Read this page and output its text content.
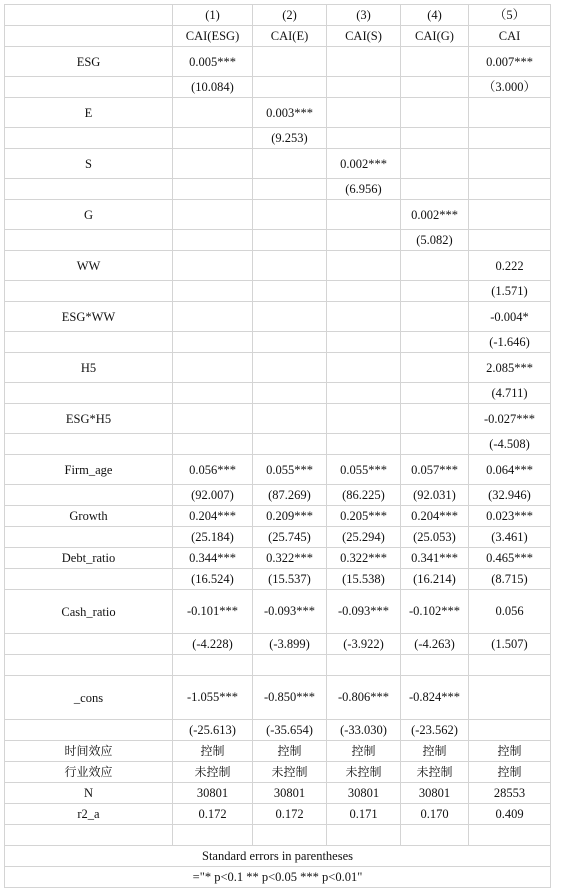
	(1)	(2)	(3)	(4)	（5）
	CAI(ESG)	CAI(E)	CAI(S)	CAI(G)	CAI
ESG	0.005***				0.007***
	(10.084)				（3.000）
E		0.003***			
		(9.253)			
S			0.002***		
			(6.956)		
G				0.002***	
				(5.082)	
WW					0.222
					(1.571)
ESG*WW					-0.004*
					(-1.646)
H5					2.085***
					(4.711)
ESG*H5					-0.027***
					(-4.508)
Firm_age	0.056***	0.055***	0.055***	0.057***	0.064***
	(92.007)	(87.269)	(86.225)	(92.031)	(32.946)
Growth	0.204***	0.209***	0.205***	0.204***	0.023***
	(25.184)	(25.745)	(25.294)	(25.053)	(3.461)
Debt_ratio	0.344***	0.322***	0.322***	0.341***	0.465***
	(16.524)	(15.537)	(15.538)	(16.214)	(8.715)
Cash_ratio	-0.101***	-0.093***	-0.093***	-0.102***	0.056
	(-4.228)	(-3.899)	(-3.922)	(-4.263)	(1.507)

_cons	-1.055***	-0.850***	-0.806***	-0.824***	
	(-25.613)	(-35.654)	(-33.030)	(-23.562)	
时间效应	控制	控制	控制	控制	控制
行业效应	未控制	未控制	未控制	未控制	控制
N	30801	30801	30801	30801	28553
r2_a	0.172	0.172	0.171	0.170	0.409

Standard errors in parentheses					
="* p<0.1 ** p<0.05 *** p<0.01"					
